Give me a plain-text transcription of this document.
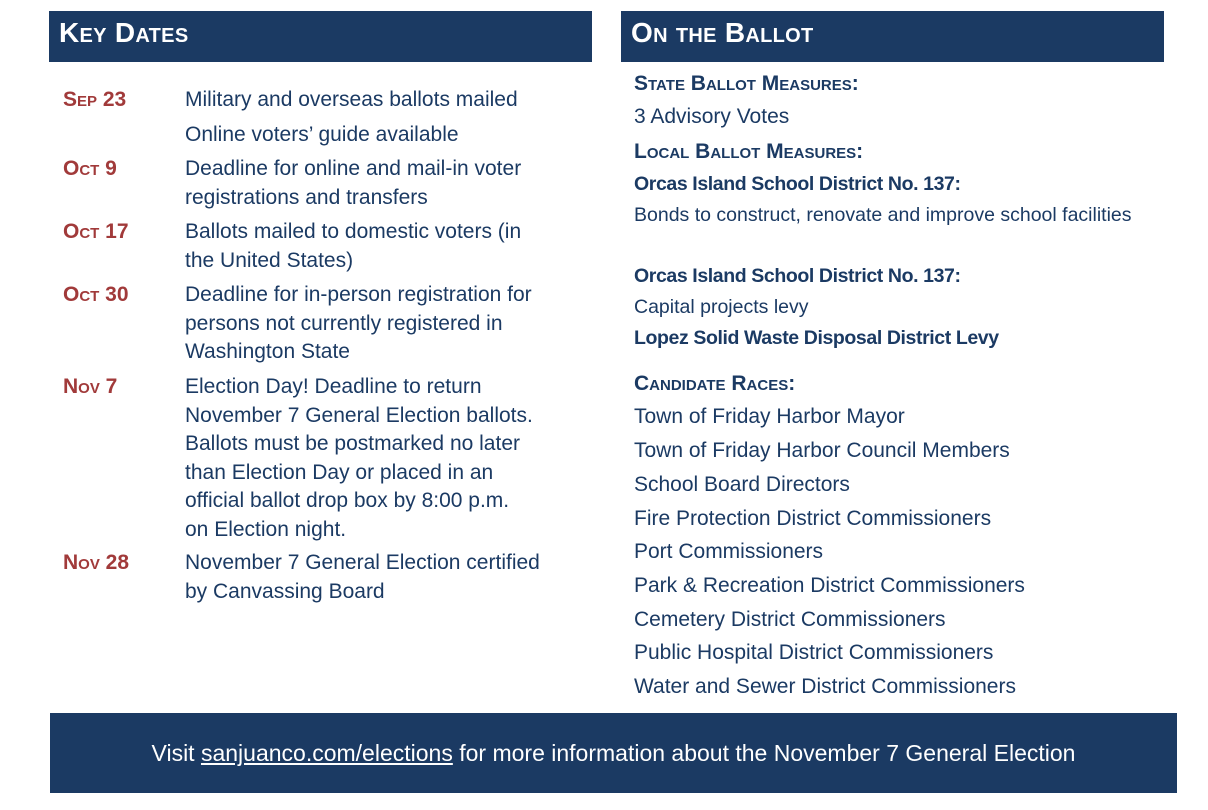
Key Dates
Sep 23	Military and overseas ballots mailed
Online voters’ guide available
Oct 9	Deadline for online and mail-in voter
registrations and transfers
Oct 17	Ballots mailed to domestic voters (in
the United States)
Oct 30	Deadline for in-person registration for
persons not currently registered in
Washington State
Nov 7	Election Day! Deadline to return
November 7 General Election ballots.
Ballots must be postmarked no later
than Election Day or placed in an
official ballot drop box by 8:00 p.m.
on Election night.
Nov 28	November 7 General Election certified
by Canvassing Board
On the Ballot
State Ballot Measures:
3 Advisory Votes
Local Ballot Measures:
Orcas Island School District No. 137:
Bonds to construct, renovate and improve school facilities
Orcas Island School District No. 137:
Capital projects levy
Lopez Solid Waste Disposal District Levy
Candidate Races:
Town of Friday Harbor Mayor
Town of Friday Harbor Council Members
School Board Directors
Fire Protection District Commissioners
Port Commissioners
Park & Recreation District Commissioners
Cemetery District Commissioners
Public Hospital District Commissioners
Water and Sewer District Commissioners
Visit sanjuanco.com/elections for more information about the November 7 General Election
